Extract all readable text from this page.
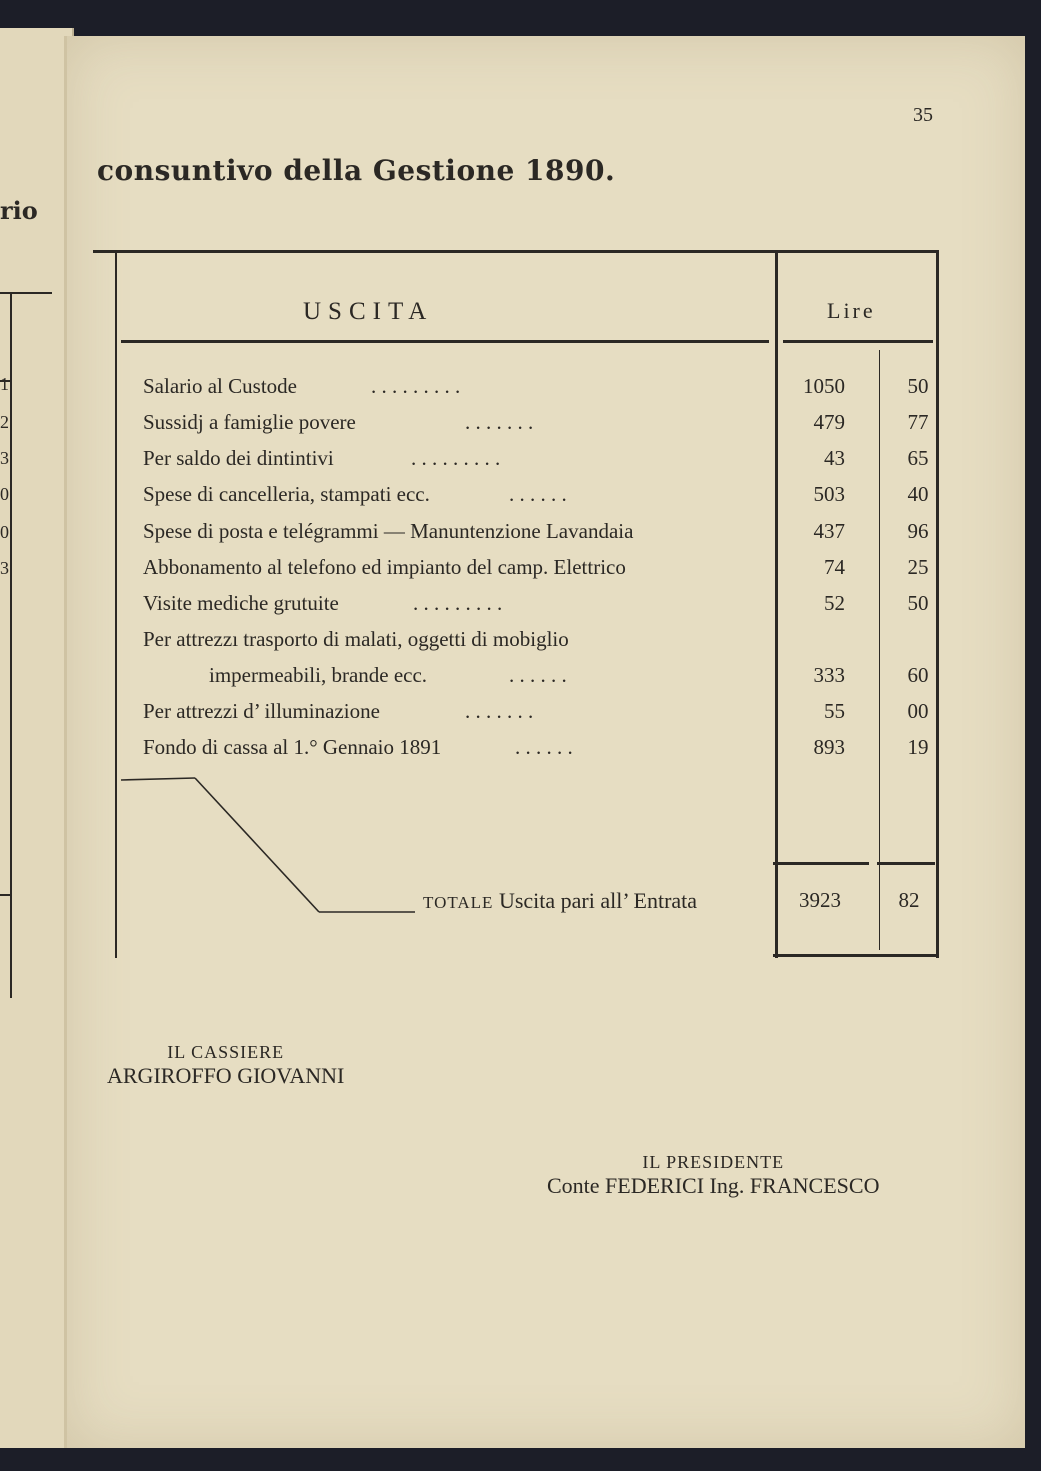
rio
1
2
3
0
0
3
35
consuntivo della Gestione 1890.
USCITA	Lire
Salario al Custode	. . . . . . . . .	1050	50
Sussidj a famiglie povere	. . . . . . .	479	77
Per saldo dei dintintivi	. . . . . . . . .	43	65
Spese di cancelleria, stampati ecc.	. . . . . .	503	40
Spese di posta e telégrammi — Manuntenzione Lavandaia	437	96
Abbonamento al telefono ed impianto del camp. Elettrico	74	25
Visite mediche grutuite	. . . . . . . . .	52	50
Per attrezzı trasporto di malati, oggetti di mobiglio
impermeabili, brande ecc.	. . . . . .	333	60
Per attrezzi d’ illuminazione	. . . . . . .	55	00
Fondo di cassa al 1.° Gennaio 1891	. . . . . .	893	19
TOTALE Uscita pari all’ Entrata	3923	82
IL CASSIERE
ARGIROFFO GIOVANNI
IL PRESIDENTE
Conte FEDERICI Ing. FRANCESCO
